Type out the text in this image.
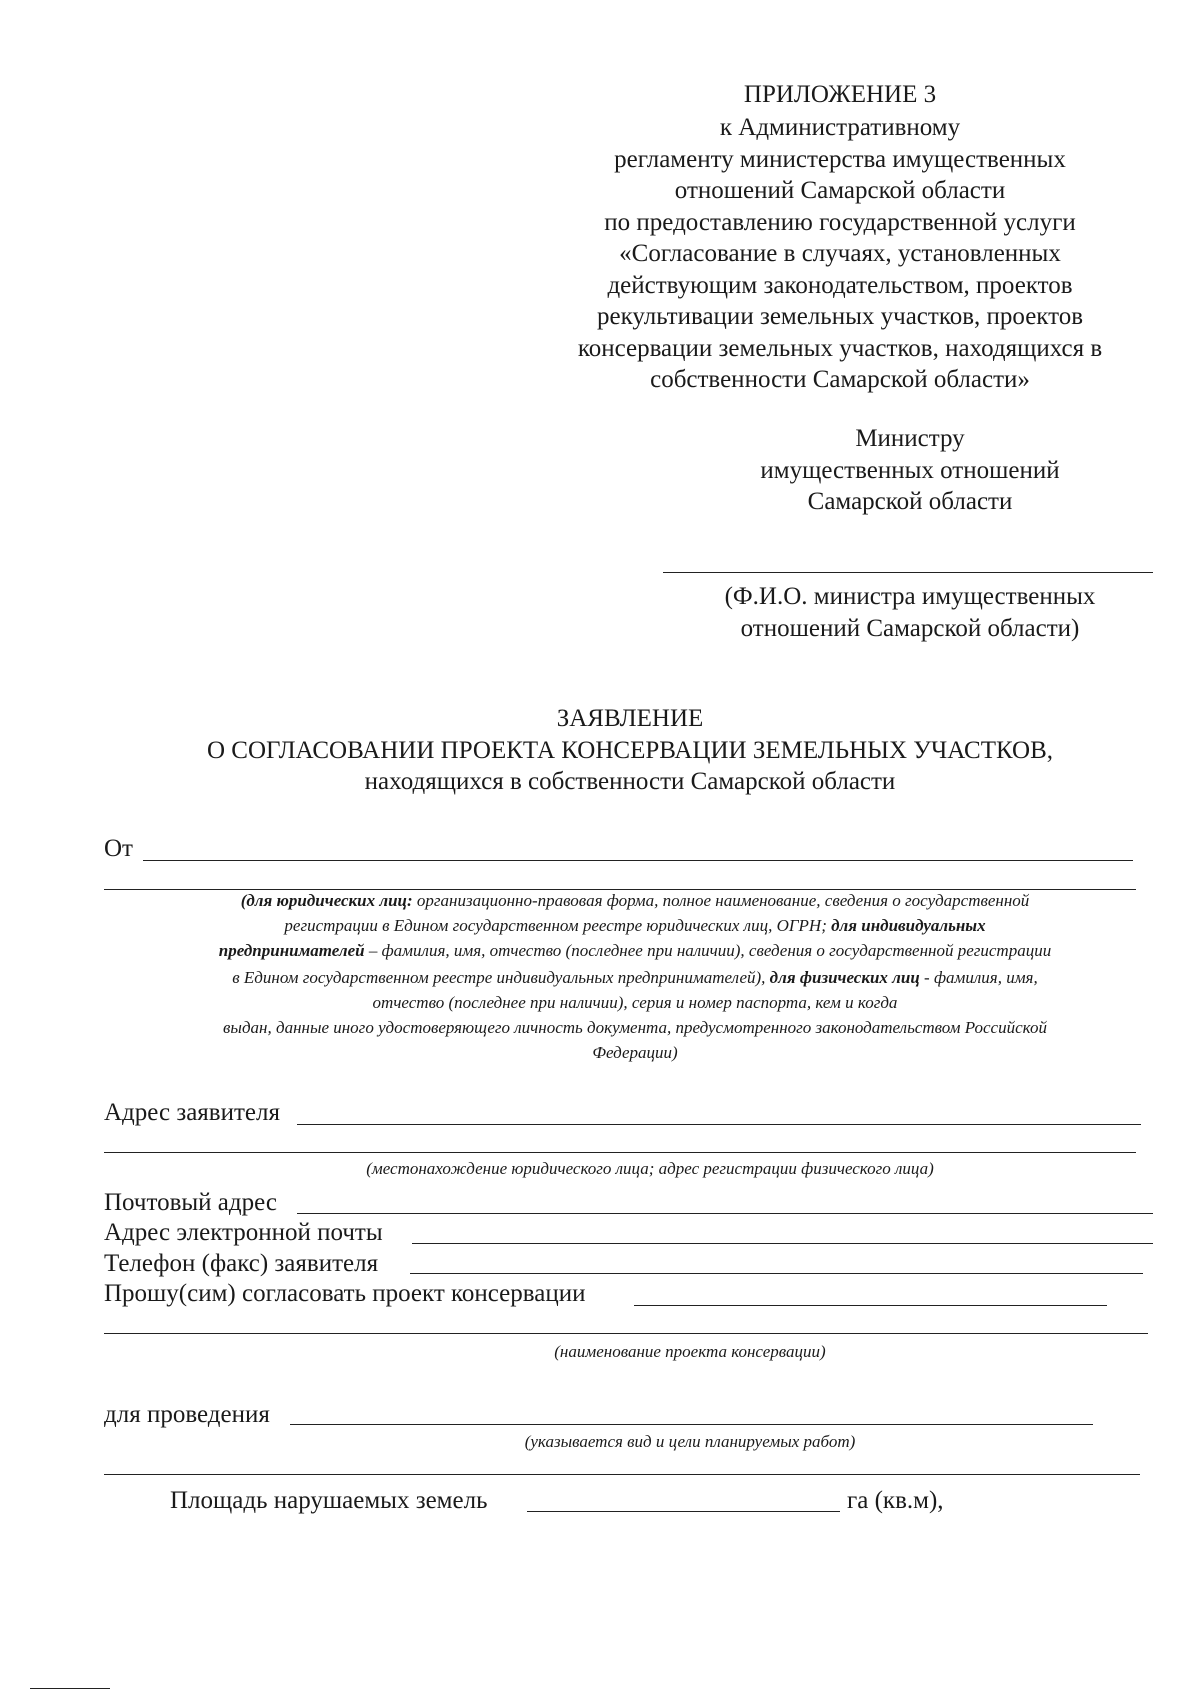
ПРИЛОЖЕНИЕ 3
к Административному
регламенту министерства имущественных
отношений Самарской области
по предоставлению государственной услуги
«Согласование в случаях, установленных
действующим законодательством, проектов
рекультивации земельных участков, проектов
консервации земельных участков, находящихся в
собственности Самарской области»
Министру
имущественных отношений
Самарской области
(Ф.И.О. министра имущественных
отношений Самарской области)
ЗАЯВЛЕНИЕ
О СОГЛАСОВАНИИ ПРОЕКТА КОНСЕРВАЦИИ ЗЕМЕЛЬНЫХ УЧАСТКОВ,
находящихся в собственности Самарской области
От
(для юридических лиц: организационно-правовая форма, полное наименование, сведения о государственной
регистрации в Едином государственном реестре юридических лиц, ОГРН; для индивидуальных
предпринимателей – фамилия, имя, отчество (последнее при наличии), сведения о государственной регистрации
в Едином государственном реестре индивидуальных предпринимателей), для физических лиц - фамилия, имя,
отчество (последнее при наличии), серия и номер паспорта, кем и когда
выдан, данные иного удостоверяющего личность документа, предусмотренного законодательством Российской
Федерации)
Адрес заявителя
(местонахождение юридического лица; адрес регистрации физического лица)
Почтовый адрес
Адрес электронной почты
Телефон (факс) заявителя
Прошу(сим) согласовать проект консервации
(наименование проекта консервации)
для проведения
(указывается вид и цели планируемых работ)
Площадь нарушаемых земель	га (кв.м),
